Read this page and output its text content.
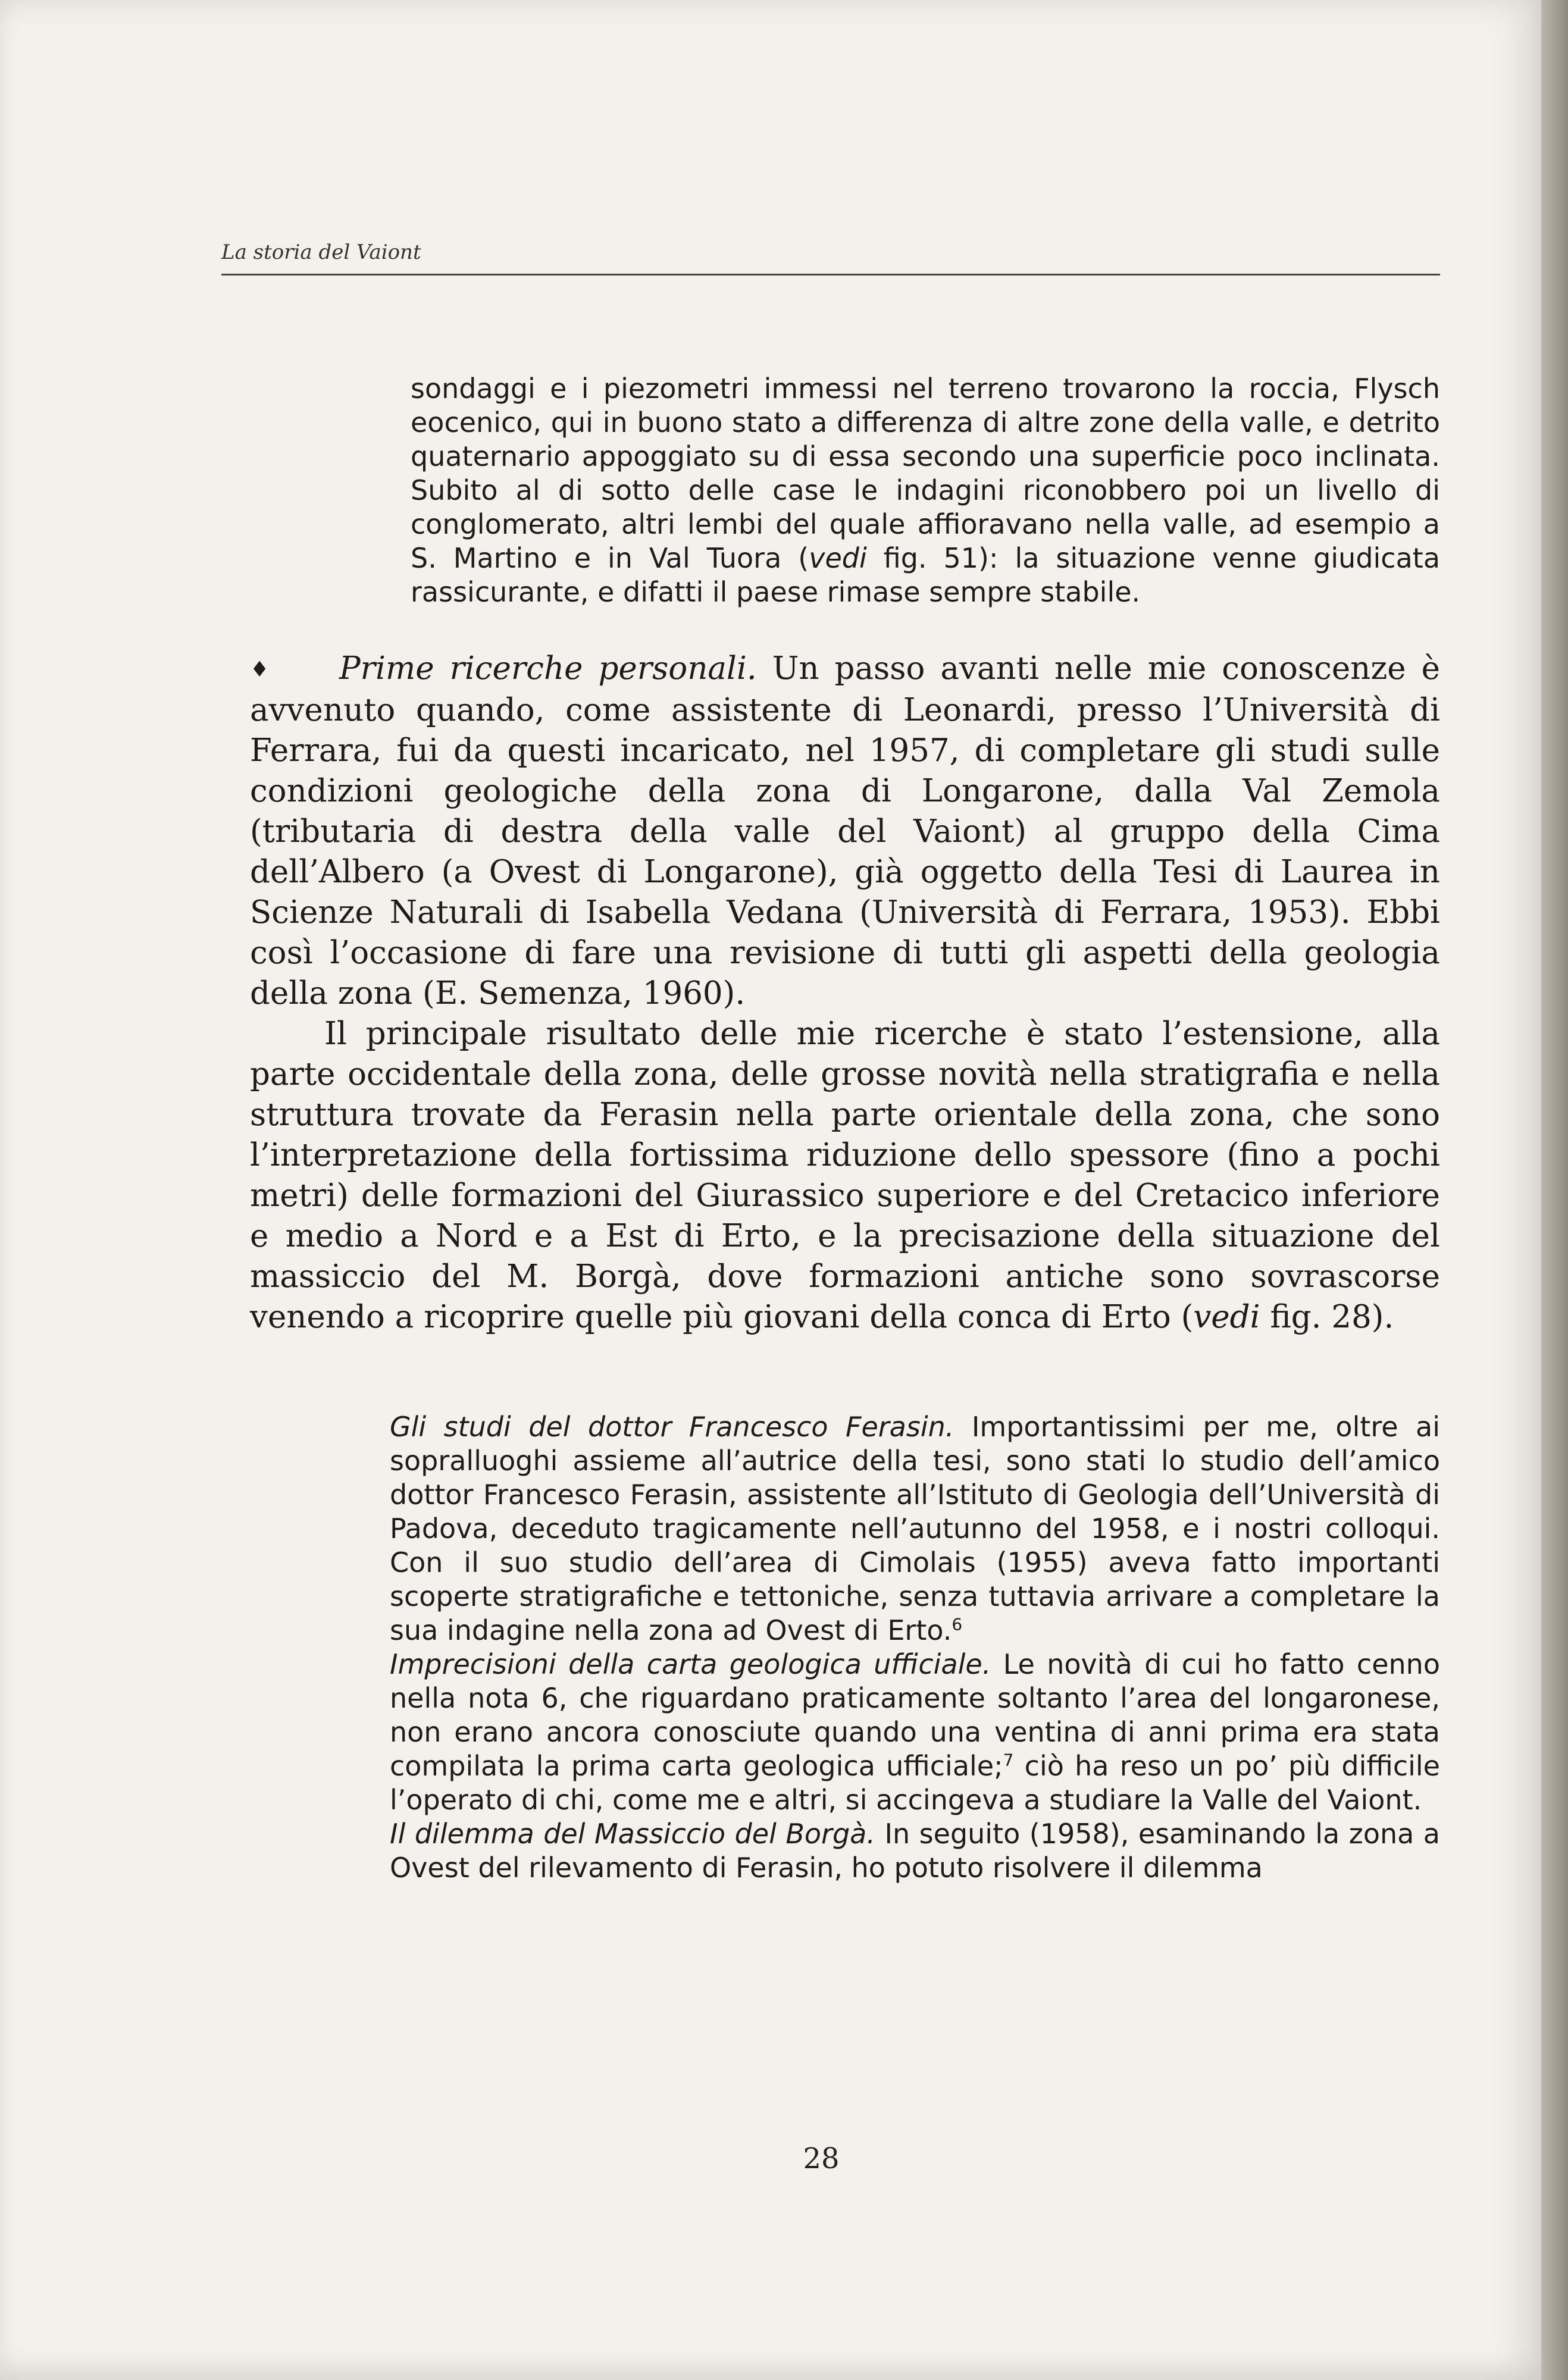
La storia del Vaiont

sondaggi e i piezometri immessi nel terreno trovarono la roccia, Flysch eocenico, qui in buono stato a differenza di altre zone della valle, e detrito quaternario appoggiato su di essa secondo una superficie poco inclinata. Subito al di sotto delle case le indagini riconobbero poi un livello di conglomerato, altri lembi del quale affioravano nella valle, ad esempio a S. Martino e in Val Tuora (vedi fig. 51): la situazione venne giudicata rassicurante, e difatti il paese rimase sempre stabile.

♦ Prime ricerche personali. Un passo avanti nelle mie conoscenze è avvenuto quando, come assistente di Leonardi, presso l’Università di Ferrara, fui da questi incaricato, nel 1957, di completare gli studi sulle condizioni geologiche della zona di Longarone, dalla Val Zemola (tributaria di destra della valle del Vaiont) al gruppo della Cima dell’Albero (a Ovest di Longarone), già oggetto della Tesi di Laurea in Scienze Naturali di Isabella Vedana (Università di Ferrara, 1953). Ebbi così l’occasione di fare una revisione di tutti gli aspetti della geologia della zona (E. Semenza, 1960).

Il principale risultato delle mie ricerche è stato l’estensione, alla parte occidentale della zona, delle grosse novità nella stratigrafia e nella struttura trovate da Ferasin nella parte orientale della zona, che sono l’interpretazione della fortissima riduzione dello spessore (fino a pochi metri) delle formazioni del Giurassico superiore e del Cretacico inferiore e medio a Nord e a Est di Erto, e la precisazione della situazione del massiccio del M. Borgà, dove formazioni antiche sono sovrascorse venendo a ricoprire quelle più giovani della conca di Erto (vedi fig. 28).

Gli studi del dottor Francesco Ferasin. Importantissimi per me, oltre ai sopralluoghi assieme all’autrice della tesi, sono stati lo studio dell’amico dottor Francesco Ferasin, assistente all’Istituto di Geologia dell’Università di Padova, deceduto tragicamente nell’autunno del 1958, e i nostri colloqui. Con il suo studio dell’area di Cimolais (1955) aveva fatto importanti scoperte stratigrafiche e tettoniche, senza tuttavia arrivare a completare la sua indagine nella zona ad Ovest di Erto.$^6$

Imprecisioni della carta geologica ufficiale. Le novità di cui ho fatto cenno nella nota 6, che riguardano praticamente soltanto l’area del longaronese, non erano ancora conosciute quando una ventina di anni prima era stata compilata la prima carta geologica ufficiale;$^7$ ciò ha reso un po’ più difficile l’operato di chi, come me e altri, si accingeva a studiare la Valle del Vaiont.

Il dilemma del Massiccio del Borgà. In seguito (1958), esaminando la zona a Ovest del rilevamento di Ferasin, ho potuto risolvere il dilemma

28
